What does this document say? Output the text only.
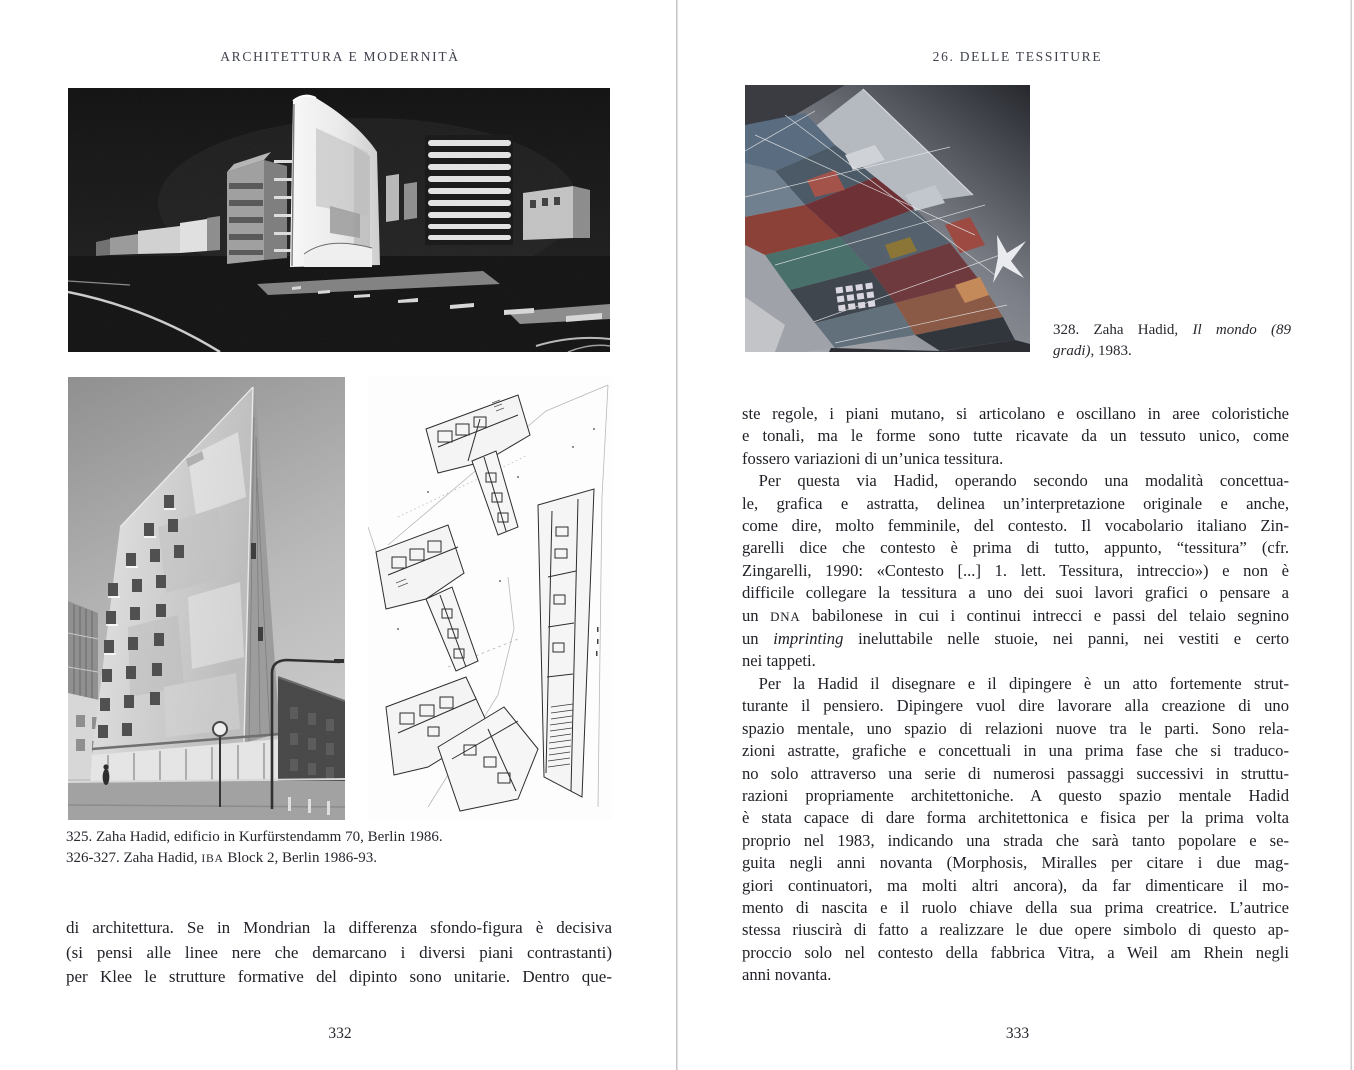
ARCHITETTURA E MODERNITÀ	26. DELLE TESSITURE
328. Zaha Hadid, Il mondo (89
gradi), 1983.
325. Zaha Hadid, edificio in Kurfürstendamm 70, Berlin 1986.
326-327. Zaha Hadid, IBA Block 2, Berlin 1986-93.
di architettura. Se in Mondrian la differenza sfondo-figura è decisiva
(si pensi alle linee nere che demarcano i diversi piani contrastanti)
per Klee le strutture formative del dipinto sono unitarie. Dentro que-
ste regole, i piani mutano, si articolano e oscillano in aree coloristiche
e tonali, ma le forme sono tutte ricavate da un tessuto unico, come
fossero variazioni di un’unica tessitura.
 Per questa via Hadid, operando secondo una modalità concettua-
le, grafica e astratta, delinea un’interpretazione originale e anche,
come dire, molto femminile, del contesto. Il vocabolario italiano Zin-
garelli dice che contesto è prima di tutto, appunto, “tessitura” (cfr.
Zingarelli, 1990: «Contesto [...] 1. lett. Tessitura, intreccio») e non è
difficile collegare la tessitura a uno dei suoi lavori grafici o pensare a
un DNA babilonese in cui i continui intrecci e passi del telaio segnino
un imprinting ineluttabile nelle stuoie, nei panni, nei vestiti e certo
nei tappeti.
 Per la Hadid il disegnare e il dipingere è un atto fortemente strut-
turante il pensiero. Dipingere vuol dire lavorare alla creazione di uno
spazio mentale, uno spazio di relazioni nuove tra le parti. Sono rela-
zioni astratte, grafiche e concettuali in una prima fase che si traduco-
no solo attraverso una serie di numerosi passaggi successivi in struttu-
razioni propriamente architettoniche. A questo spazio mentale Hadid
è stata capace di dare forma architettonica e fisica per la prima volta
proprio nel 1983, indicando una strada che sarà tanto popolare e se-
guita negli anni novanta (Morphosis, Miralles per citare i due mag-
giori continuatori, ma molti altri ancora), da far dimenticare il mo-
mento di nascita e il ruolo chiave della sua prima creatrice. L’autrice
stessa riuscirà di fatto a realizzare le due opere simbolo di questo ap-
proccio solo nel contesto della fabbrica Vitra, a Weil am Rhein negli
anni novanta.
332	333
